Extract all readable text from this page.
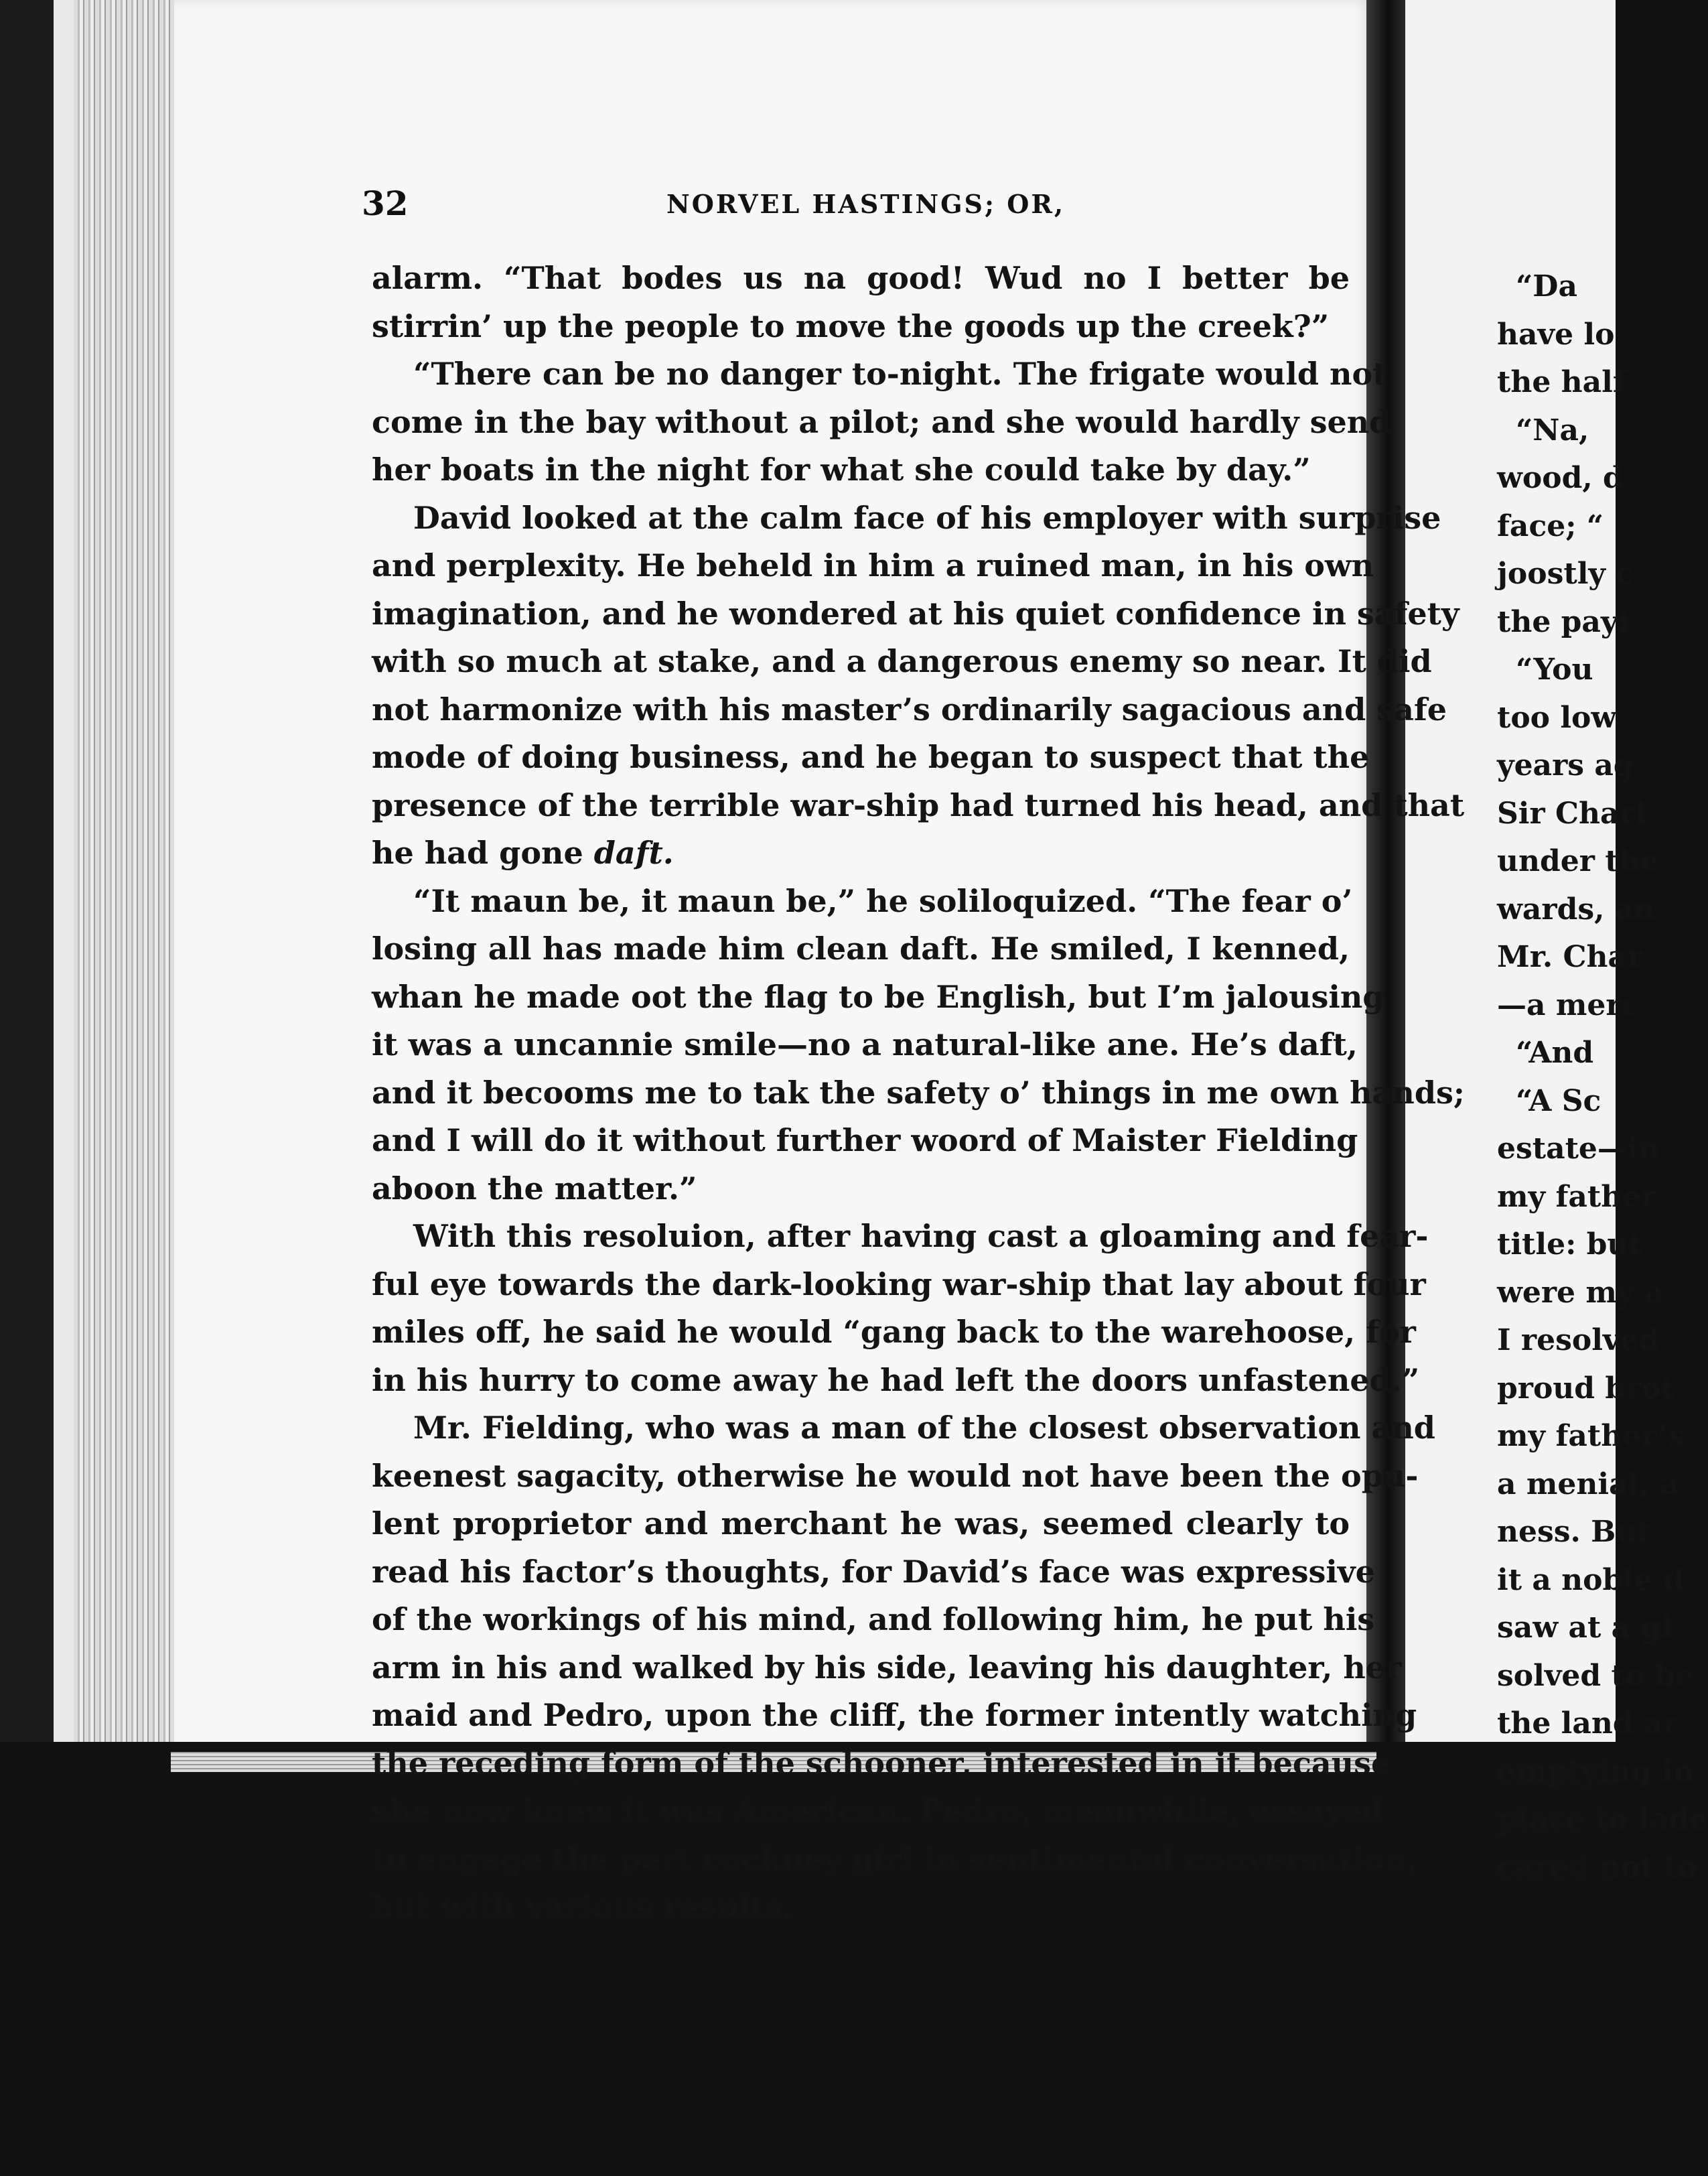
32	NORVEL HASTINGS; OR,
alarm. “That bodes us na good! Wud no I better be
stirrin’ up the people to move the goods up the creek?”
“There can be no danger to-night. The frigate would not
come in the bay without a pilot; and she would hardly send
her boats in the night for what she could take by day.”
David looked at the calm face of his employer with surprise
and perplexity. He beheld in him a ruined man, in his own
imagination, and he wondered at his quiet confidence in safety
with so much at stake, and a dangerous enemy so near. It did
not harmonize with his master’s ordinarily sagacious and safe
mode of doing business, and he began to suspect that the
presence of the terrible war-ship had turned his head, and that
he had gone daft.
“It maun be, it maun be,” he soliloquized. “The fear o’
losing all has made him clean daft. He smiled, I kenned,
whan he made oot the flag to be English, but I’m jalousing
it was a uncannie smile—no a natural-like ane. He’s daft,
and it becooms me to tak the safety o’ things in me own hands;
and I will do it without further woord of Maister Fielding
aboon the matter.”
With this resoluion, after having cast a gloaming and fear-
ful eye towards the dark-looking war-ship that lay about four
miles off, he said he would “gang back to the warehoose, for
in his hurry to come away he had left the doors unfastened.”
Mr. Fielding, who was a man of the closest observation and
keenest sagacity, otherwise he would not have been the opu-
lent proprietor and merchant he was, seemed clearly to
read his factor’s thoughts, for David’s face was expressive
of the workings of his mind, and following him, he put his
arm in his and walked by his side, leaving his daughter, her
maid and Pedro, upon the cliff, the former intently watching
the receding form of the schooner, interested in it because
she now knew it was American. Pedro, meanwhile, essayed
to engage the pert cockney girl in sentimental conversation,
but with various results.
“Da
have lo
the half
“Na,
wood, d
face; “
joostly c
the payi
“You
too low
years ag
Sir Charl
under the
wards, an
Mr. Char
—a merc
“And
“A Sc
estate—in
my father
title: but
were my a
I resolved
proud brot
my father’s
a menial, a
ness. But
it a noble d
saw at a gl
solved to be
the land ar
emptying in
place to lade
cared not to
